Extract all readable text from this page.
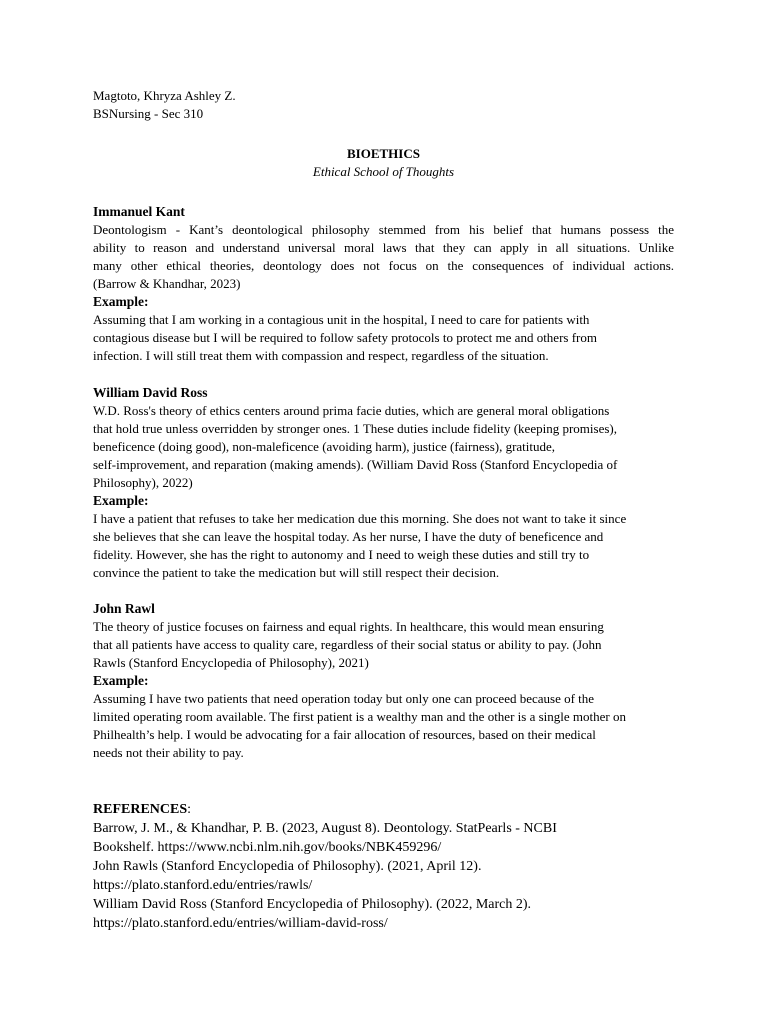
Magtoto, Khryza Ashley Z.
BSNursing - Sec 310
BIOETHICS
Ethical School of Thoughts
Immanuel Kant
Deontologism - Kant’s deontological philosophy stemmed from his belief that humans possess the
ability to reason and understand universal moral laws that they can apply in all situations. Unlike
many other ethical theories, deontology does not focus on the consequences of individual actions.
(Barrow & Khandhar, 2023)
Example:
Assuming that I am working in a contagious unit in the hospital, I need to care for patients with
contagious disease but I will be required to follow safety protocols to protect me and others from
infection. I will still treat them with compassion and respect, regardless of the situation.
William David Ross
W.D. Ross's theory of ethics centers around prima facie duties, which are general moral obligations
that hold true unless overridden by stronger ones. 1 These duties include fidelity (keeping promises),
beneficence (doing good), non-maleficence (avoiding harm), justice (fairness), gratitude,
self-improvement, and reparation (making amends). (William David Ross (Stanford Encyclopedia of
Philosophy), 2022)
Example:
I have a patient that refuses to take her medication due this morning. She does not want to take it since
she believes that she can leave the hospital today. As her nurse, I have the duty of beneficence and
fidelity. However, she has the right to autonomy and I need to weigh these duties and still try to
convince the patient to take the medication but will still respect their decision.
John Rawl
The theory of justice focuses on fairness and equal rights. In healthcare, this would mean ensuring
that all patients have access to quality care, regardless of their social status or ability to pay. (John
Rawls (Stanford Encyclopedia of Philosophy), 2021)
Example:
Assuming I have two patients that need operation today but only one can proceed because of the
limited operating room available. The first patient is a wealthy man and the other is a single mother on
Philhealth’s help. I would be advocating for a fair allocation of resources, based on their medical
needs not their ability to pay.
REFERENCES:
Barrow, J. M., & Khandhar, P. B. (2023, August 8). Deontology. StatPearls - NCBI
Bookshelf. https://www.ncbi.nlm.nih.gov/books/NBK459296/
John Rawls (Stanford Encyclopedia of Philosophy). (2021, April 12).
https://plato.stanford.edu/entries/rawls/
William David Ross (Stanford Encyclopedia of Philosophy). (2022, March 2).
https://plato.stanford.edu/entries/william-david-ross/
